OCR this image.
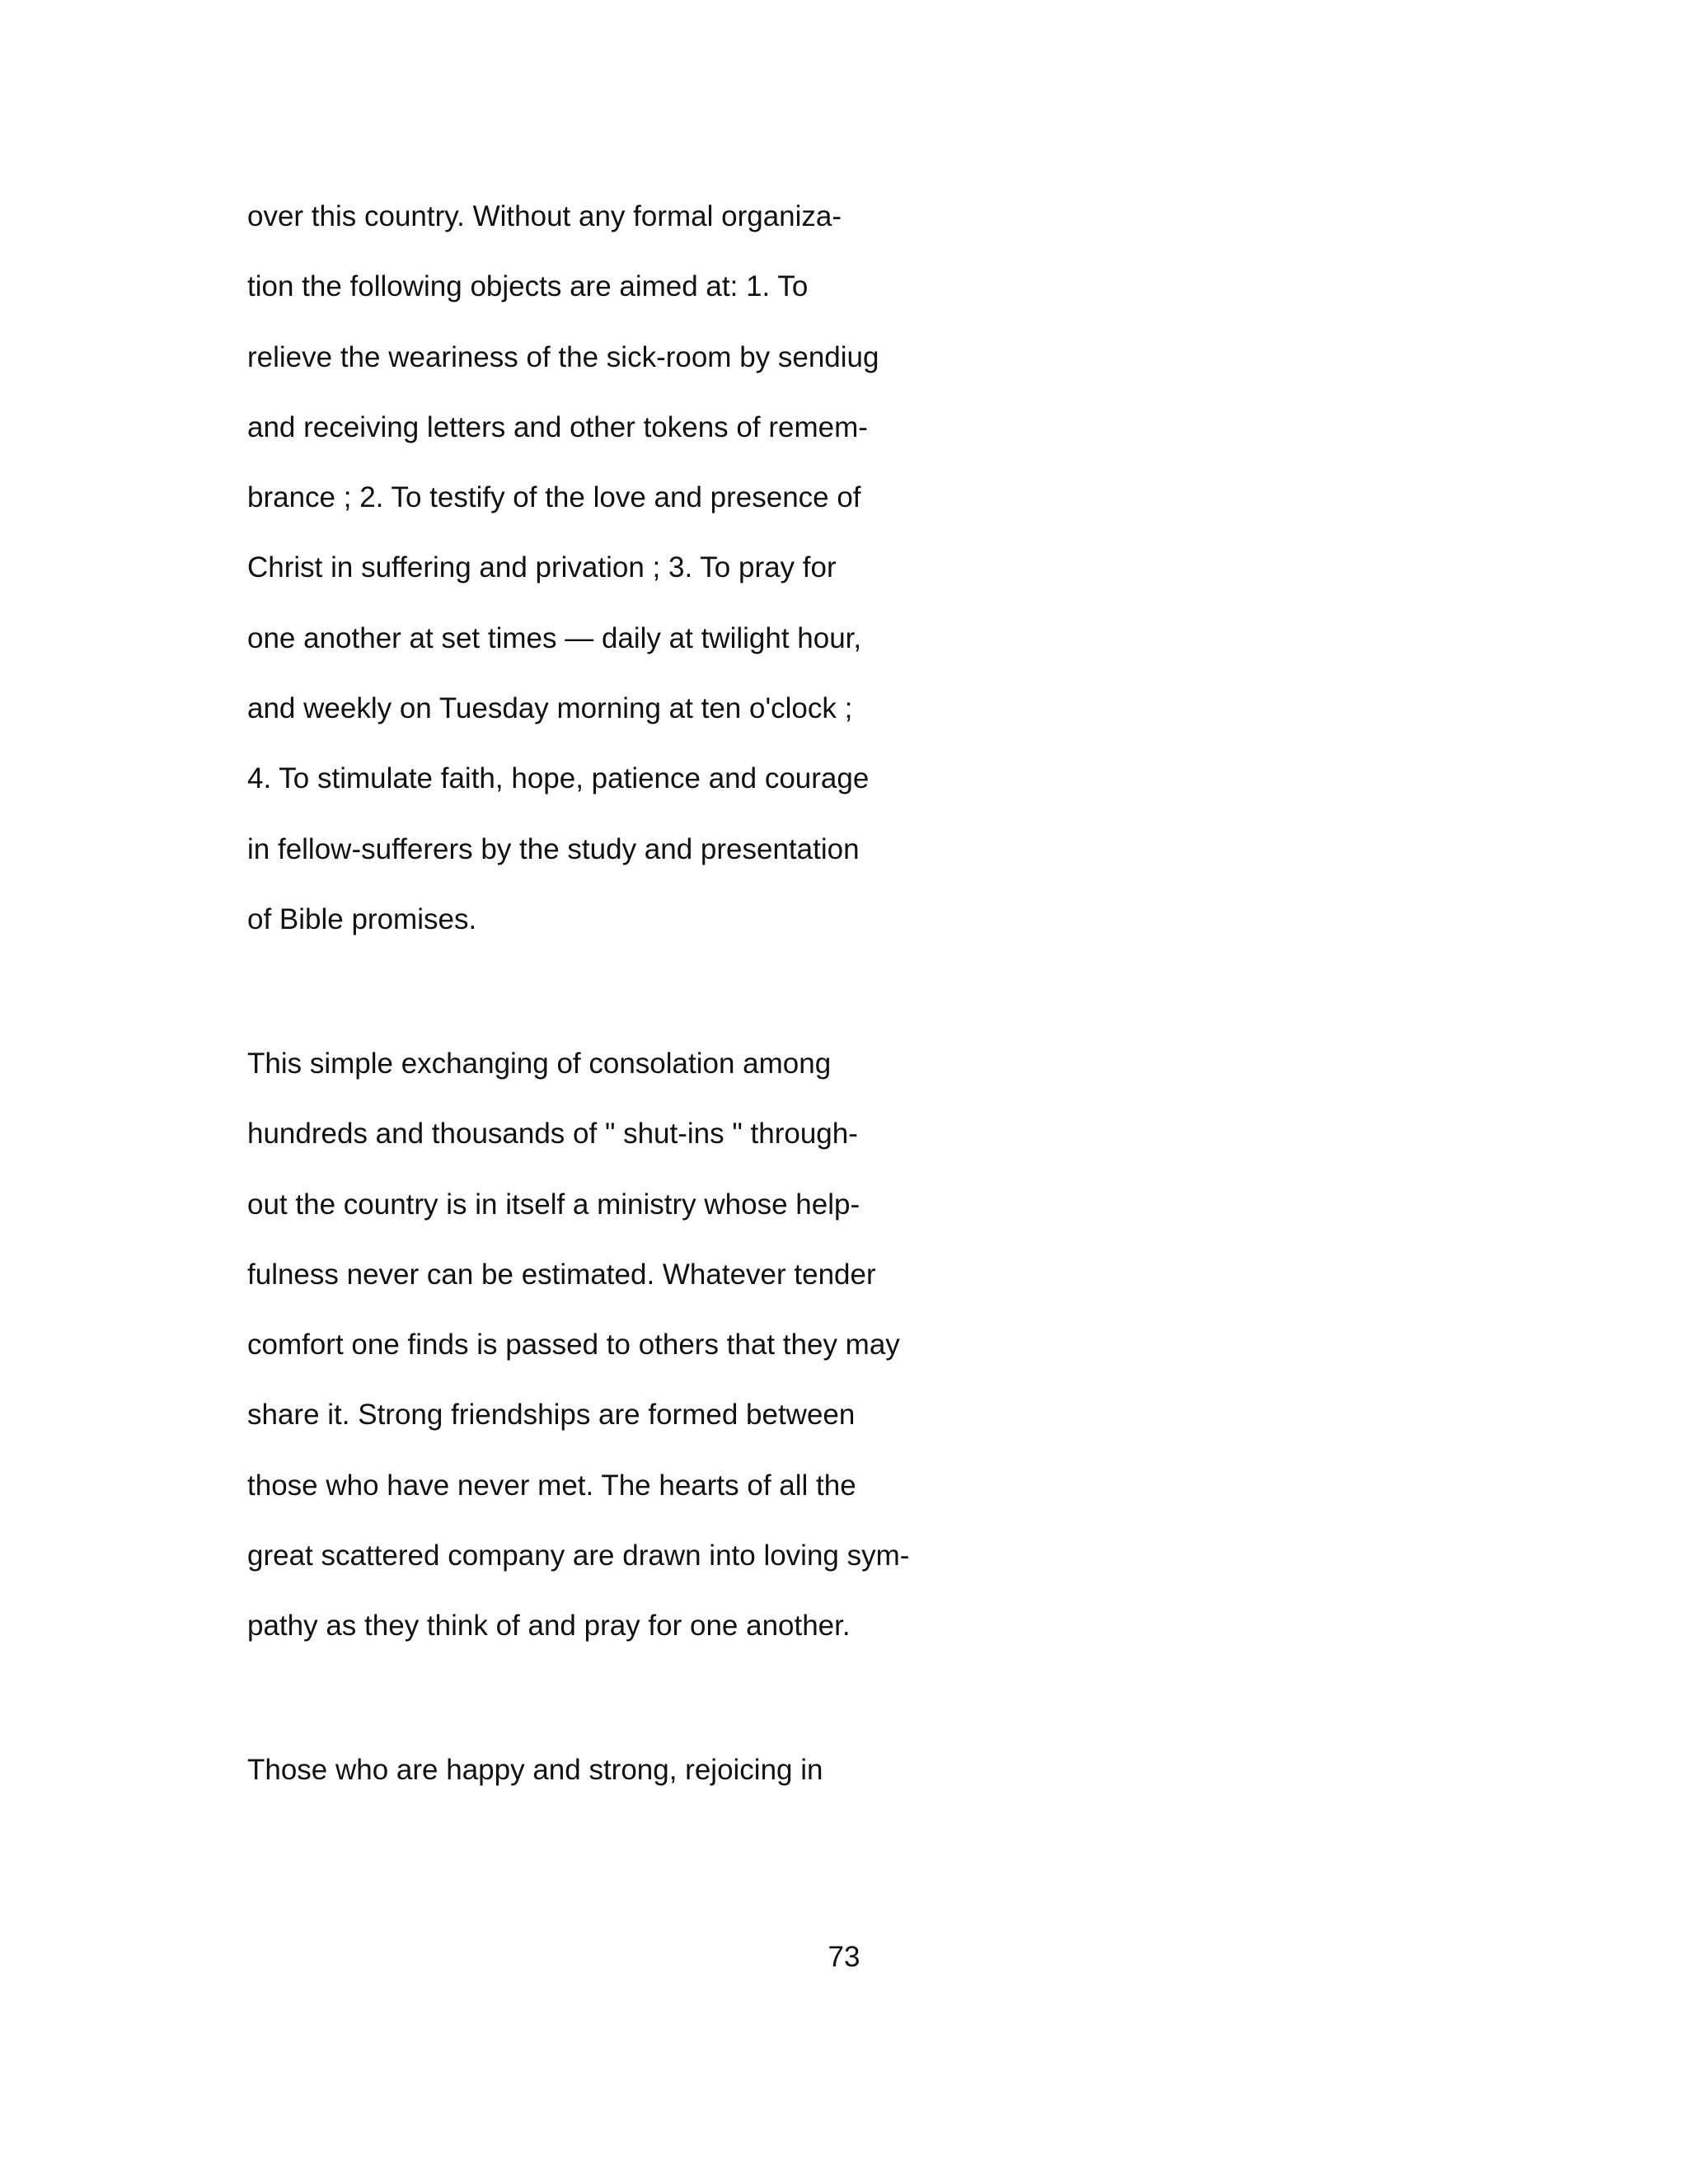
over this country. Without any formal organiza-
tion the following objects are aimed at: 1. To
relieve the weariness of the sick-room by sendiug
and receiving letters and other tokens of remem-
brance ; 2. To testify of the love and presence of
Christ in suffering and privation ; 3. To pray for
one another at set times — daily at twilight hour,
and weekly on Tuesday morning at ten o'clock ;
4. To stimulate faith, hope, patience and courage
in fellow-sufferers by the study and presentation
of Bible promises.
This simple exchanging of consolation among
hundreds and thousands of " shut-ins " through-
out the country is in itself a ministry whose help-
fulness never can be estimated. Whatever tender
comfort one finds is passed to others that they may
share it. Strong friendships are formed between
those who have never met. The hearts of all the
great scattered company are drawn into loving sym-
pathy as they think of and pray for one another.
Those who are happy and strong, rejoicing in
73
